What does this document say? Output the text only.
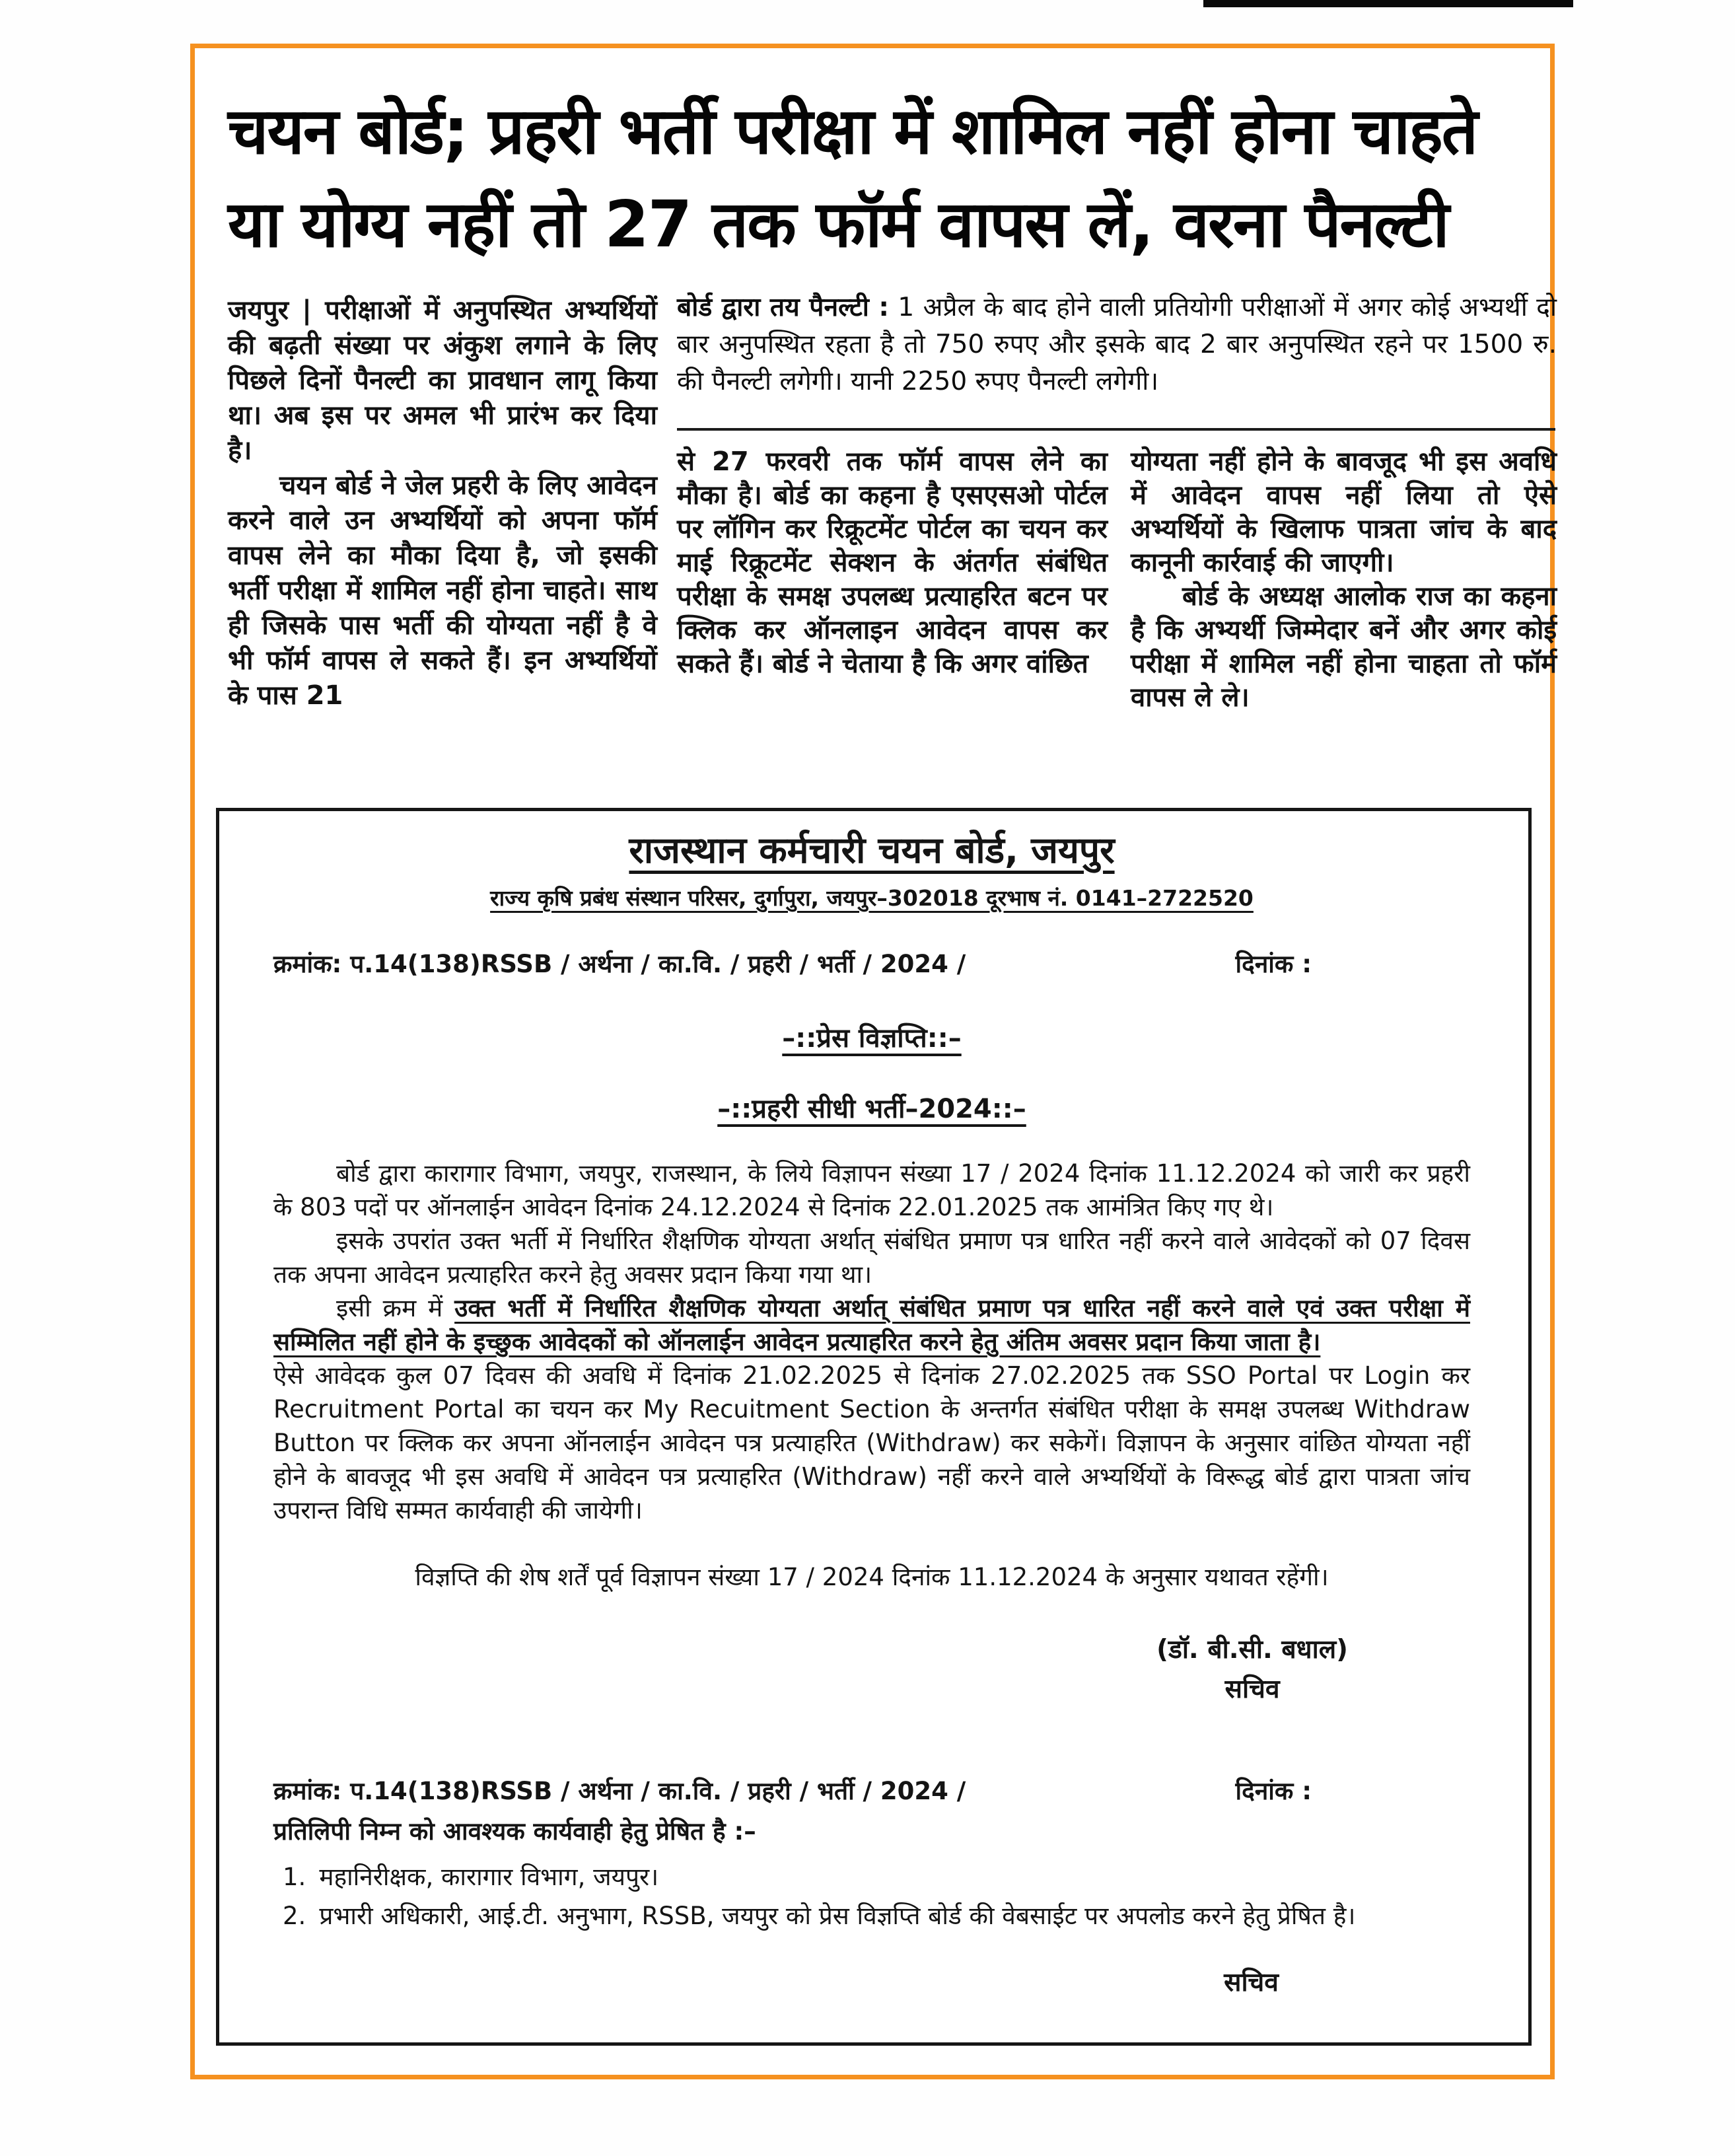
चयन बोर्ड; प्रहरी भर्ती परीक्षा में शामिल नहीं होना चाहते
या योग्य नहीं तो 27 तक फॉर्म वापस लें, वरना पैनल्टी

जयपुर | परीक्षाओं में अनुपस्थित अभ्यर्थियों की बढ़ती संख्या पर अंकुश लगाने के लिए पिछले दिनों पैनल्टी का प्रावधान लागू किया था। अब इस पर अमल भी प्रारंभ कर दिया है।

चयन बोर्ड ने जेल प्रहरी के लिए आवेदन करने वाले उन अभ्यर्थियों को अपना फॉर्म वापस लेने का मौका दिया है, जो इसकी भर्ती परीक्षा में शामिल नहीं होना चाहते। साथ ही जिसके पास भर्ती की योग्यता नहीं है वे भी फॉर्म वापस ले सकते हैं। इन अभ्यर्थियों के पास 21

बोर्ड द्वारा तय पैनल्टी : 1 अप्रैल के बाद होने वाली प्रतियोगी परीक्षाओं में अगर कोई अभ्यर्थी दो बार अनुपस्थित रहता है तो 750 रुपए और इसके बाद 2 बार अनुपस्थित रहने पर 1500 रु. की पैनल्टी लगेगी। यानी 2250 रुपए पैनल्टी लगेगी।

से 27 फरवरी तक फॉर्म वापस लेने का मौका है। बोर्ड का कहना है एसएसओ पोर्टल पर लॉगिन कर रिक्रूटमेंट पोर्टल का चयन कर माई रिक्रूटमेंट सेक्शन के अंतर्गत संबंधित परीक्षा के समक्ष उपलब्ध प्रत्याहरित बटन पर क्लिक कर ऑनलाइन आवेदन वापस कर सकते हैं। बोर्ड ने चेताया है कि अगर वांछित

योग्यता नहीं होने के बावजूद भी इस अवधि में आवेदन वापस नहीं लिया तो ऐसे अभ्यर्थियों के खिलाफ पात्रता जांच के बाद कानूनी कार्रवाई की जाएगी।

बोर्ड के अध्यक्ष आलोक राज का कहना है कि अभ्यर्थी जिम्मेदार बनें और अगर कोई परीक्षा में शामिल नहीं होना चाहता तो फॉर्म वापस ले ले।

राजस्थान कर्मचारी चयन बोर्ड, जयपुर
राज्य कृषि प्रबंध संस्थान परिसर, दुर्गापुरा, जयपुर–302018 दूरभाष नं. 0141–2722520
क्रमांक: प.14(138)RSSB / अर्थना / का.वि. / प्रहरी / भर्ती / 2024 /	दिनांक :
–::प्रेस विज्ञप्ति::–
–::प्रहरी सीधी भर्ती–2024::–

बोर्ड द्वारा कारागार विभाग, जयपुर, राजस्थान, के लिये विज्ञापन संख्या 17 / 2024 दिनांक 11.12.2024 को जारी कर प्रहरी के 803 पदों पर ऑनलाईन आवेदन दिनांक 24.12.2024 से दिनांक 22.01.2025 तक आमंत्रित किए गए थे।

इसके उपरांत उक्त भर्ती में निर्धारित शैक्षणिक योग्यता अर्थात् संबंधित प्रमाण पत्र धारित नहीं करने वाले आवेदकों को 07 दिवस तक अपना आवेदन प्रत्याहरित करने हेतु अवसर प्रदान किया गया था।

इसी क्रम में उक्त भर्ती में निर्धारित शैक्षणिक योग्यता अर्थात् संबंधित प्रमाण पत्र धारित नहीं करने वाले एवं उक्त परीक्षा में सम्मिलित नहीं होने के इच्छुक आवेदकों को ऑनलाईन आवेदन प्रत्याहरित करने हेतु अंतिम अवसर प्रदान किया जाता है।

ऐसे आवेदक कुल 07 दिवस की अवधि में दिनांक 21.02.2025 से दिनांक 27.02.2025 तक SSO Portal पर Login कर Recruitment Portal का चयन कर My Recuitment Section के अन्तर्गत संबंधित परीक्षा के समक्ष उपलब्ध Withdraw Button पर क्लिक कर अपना ऑनलाईन आवेदन पत्र प्रत्याहरित (Withdraw) कर सकेगें। विज्ञापन के अनुसार वांछित योग्यता नहीं होने के बावजूद भी इस अवधि में आवेदन पत्र प्रत्याहरित (Withdraw) नहीं करने वाले अभ्यर्थियों के विरूद्ध बोर्ड द्वारा पात्रता जांच उपरान्त विधि सम्मत कार्यवाही की जायेगी।

विज्ञप्ति की शेष शर्तें पूर्व विज्ञापन संख्या 17 / 2024 दिनांक 11.12.2024 के अनुसार यथावत रहेंगी।
(डॉ. बी.सी. बधाल)
सचिव
क्रमांक: प.14(138)RSSB / अर्थना / का.वि. / प्रहरी / भर्ती / 2024 /	दिनांक :
प्रतिलिपी निम्न को आवश्यक कार्यवाही हेतु प्रेषित है :–
1. महानिरीक्षक, कारागार विभाग, जयपुर।
2. प्रभारी अधिकारी, आई.टी. अनुभाग, RSSB, जयपुर को प्रेस विज्ञप्ति बोर्ड की वेबसाईट पर अपलोड करने हेतु प्रेषित है।
सचिव
